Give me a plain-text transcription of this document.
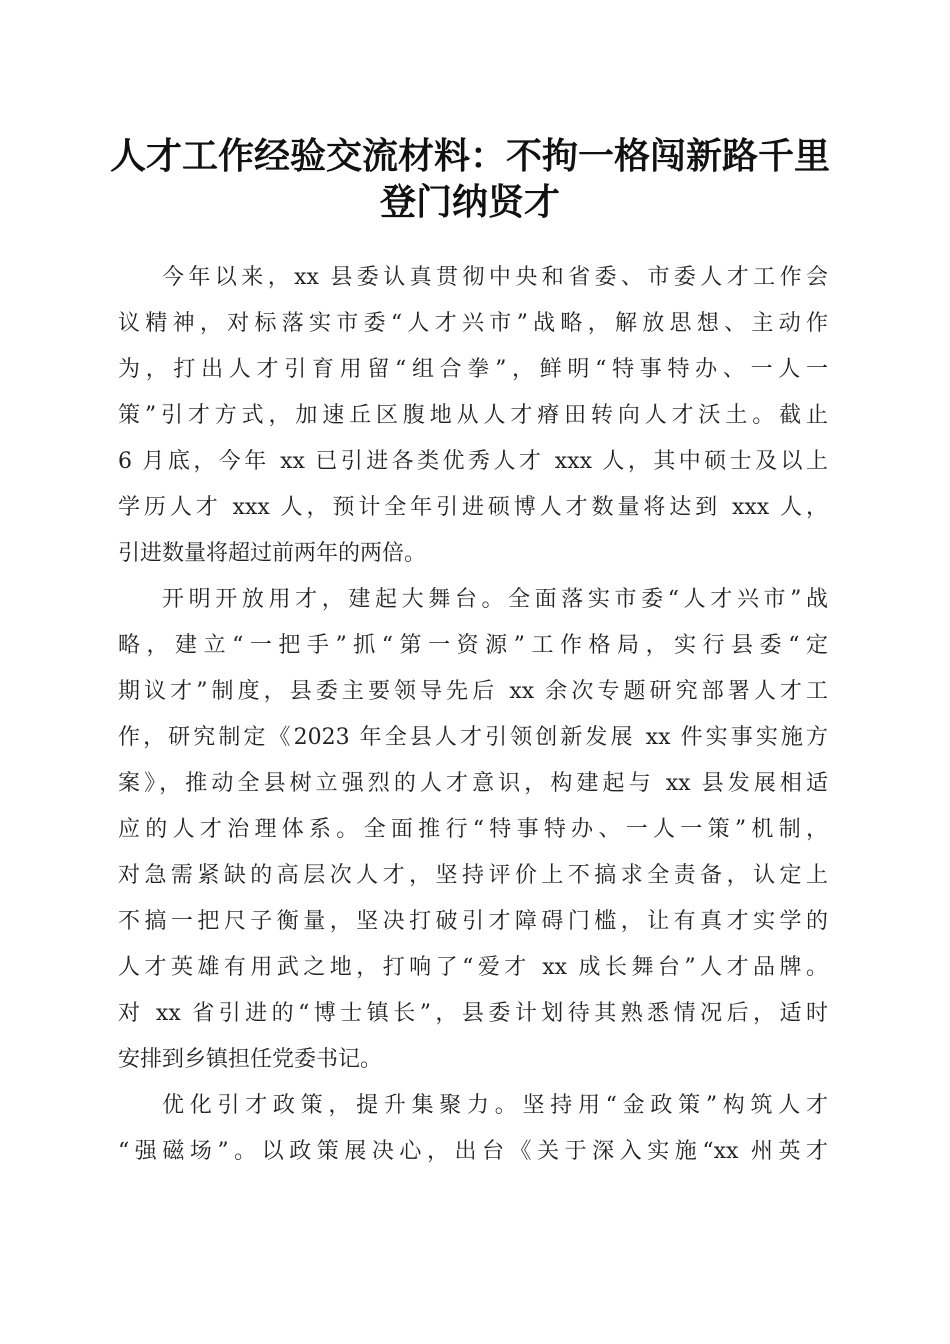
人才工作经验交流材料：不拘一格闯新路千里
登门纳贤才
今年以来，xx 县委认真贯彻中央和省委、市委人才工作会
议精神，对标落实市委“人才兴市”战略，解放思想、主动作
为，打出人才引育用留“组合拳”，鲜明“特事特办、一人一
策”引才方式，加速丘区腹地从人才瘠田转向人才沃土。截止
6 月底，今年 xx 已引进各类优秀人才 xxx 人，其中硕士及以上
学历人才 xxx 人，预计全年引进硕博人才数量将达到 xxx 人，
引进数量将超过前两年的两倍。
开明开放用才，建起大舞台。全面落实市委“人才兴市”战
略，建立“一把手”抓“第一资源”工作格局，实行县委“定
期议才”制度，县委主要领导先后 xx 余次专题研究部署人才工
作，研究制定《2023 年全县人才引领创新发展 xx 件实事实施方
案》，推动全县树立强烈的人才意识，构建起与 xx 县发展相适
应的人才治理体系。全面推行“特事特办、一人一策”机制，
对急需紧缺的高层次人才，坚持评价上不搞求全责备，认定上
不搞一把尺子衡量，坚决打破引才障碍门槛，让有真才实学的
人才英雄有用武之地，打响了“爱才 xx 成长舞台”人才品牌。
对 xx 省引进的“博士镇长”，县委计划待其熟悉情况后，适时
安排到乡镇担任党委书记。
优化引才政策，提升集聚力。坚持用“金政策”构筑人才
“强磁场”。以政策展决心，出台《关于深入实施“xx 州英才
